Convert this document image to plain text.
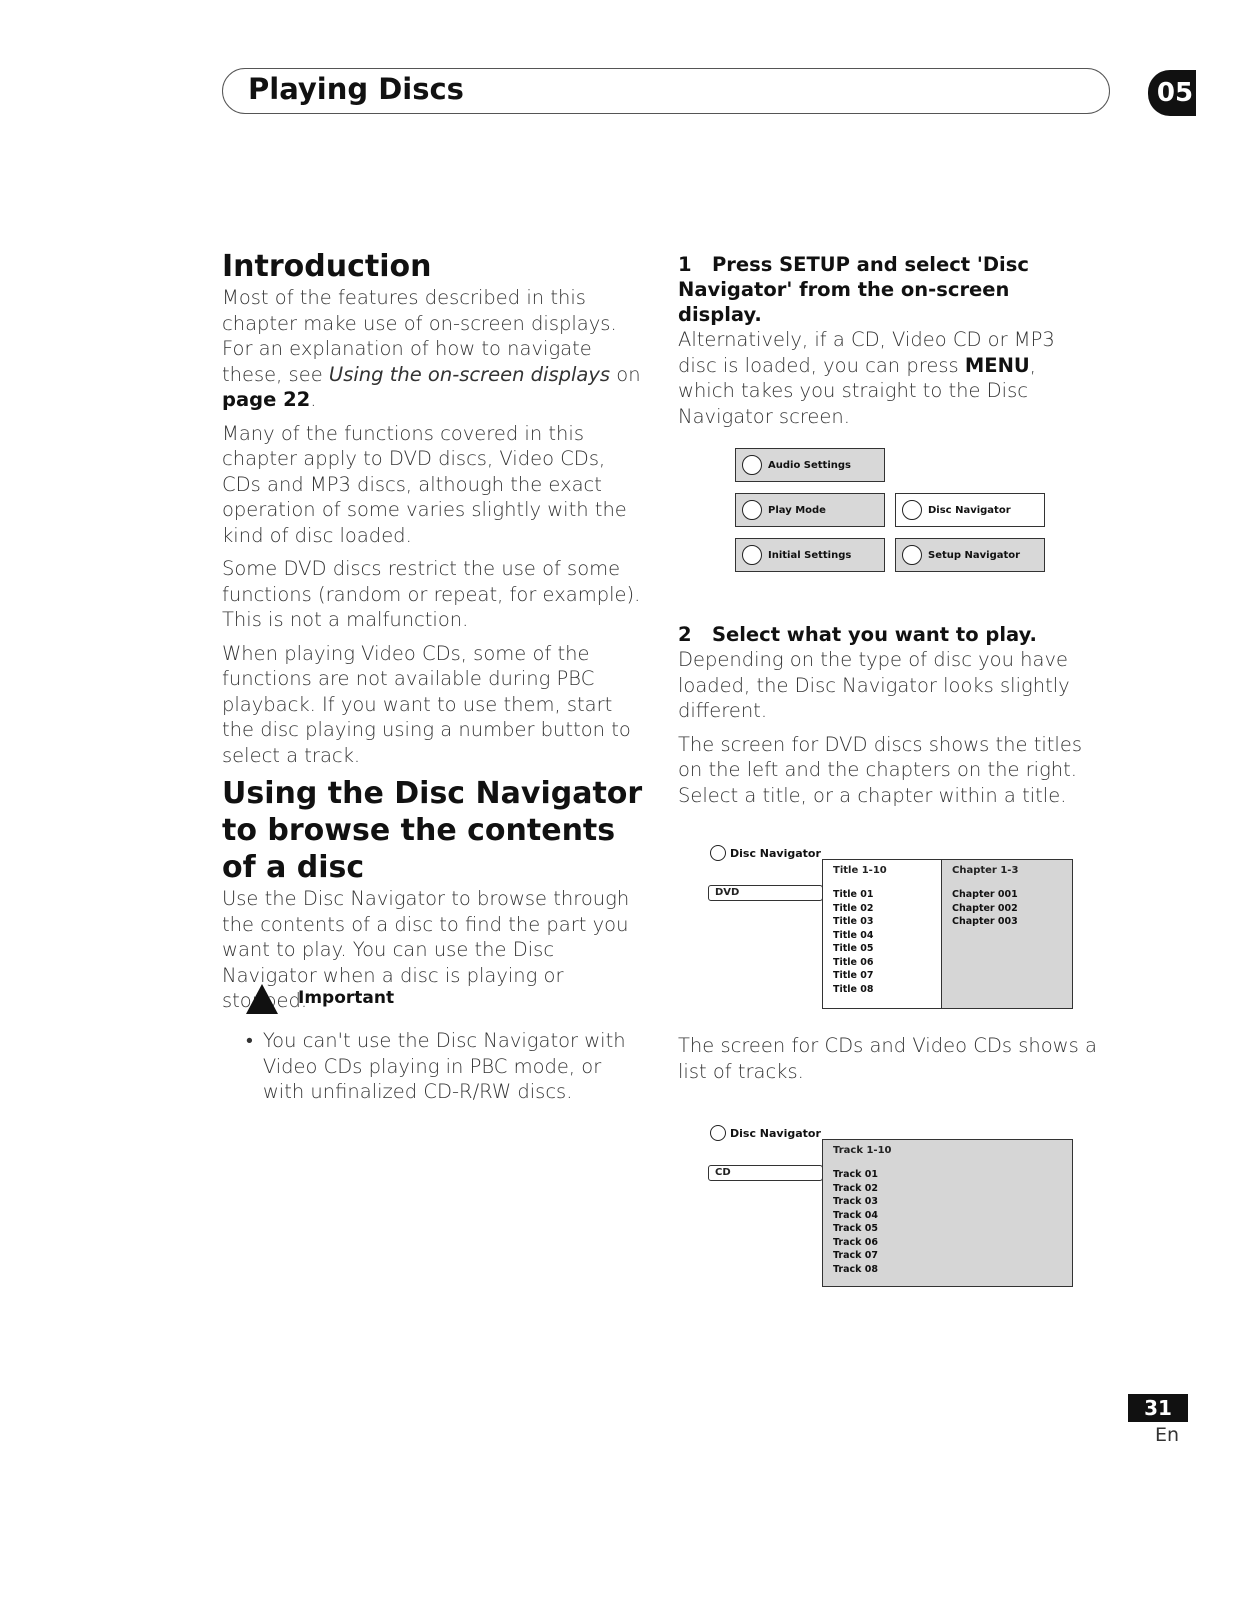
Playing Discs	05
Introduction

Most of the features described in this chapter make use of on-screen displays. For an explanation of how to navigate these, see Using the on-screen displays on page 22.

Many of the functions covered in this chapter apply to DVD discs, Video CDs, CDs and MP3 discs, although the exact operation of some varies slightly with the kind of disc loaded.

Some DVD discs restrict the use of some functions (random or repeat, for example). This is not a malfunction.

When playing Video CDs, some of the functions are not available during PBC playback. If you want to use them, start the disc playing using a number button to select a track.

Using the Disc Navigator to browse the contents of a disc

Use the Disc Navigator to browse through the contents of a disc to find the part you want to play. You can use the Disc Navigator when a disc is playing or stopped.

Important
• You can't use the Disc Navigator with Video CDs playing in PBC mode, or with unfinalized CD-R/RW discs.

1 Press SETUP and select 'Disc Navigator' from the on-screen display.

Alternatively, if a CD, Video CD or MP3 disc is loaded, you can press MENU, which takes you straight to the Disc Navigator screen.

Audio Settings
Play Mode
Initial Settings
Disc Navigator
Setup Navigator

2 Select what you want to play.

Depending on the type of disc you have loaded, the Disc Navigator looks slightly different.

The screen for DVD discs shows the titles on the left and the chapters on the right. Select a title, or a chapter within a title.

Disc Navigator
DVD
Title 1-10
Title 01
Title 02
Title 03
Title 04
Title 05
Title 06
Title 07
Title 08
Chapter 1-3
Chapter 001
Chapter 002
Chapter 003

The screen for CDs and Video CDs shows a list of tracks.

Disc Navigator
CD
Track 1-10
Track 01
Track 02
Track 03
Track 04
Track 05
Track 06
Track 07
Track 08
31
En
